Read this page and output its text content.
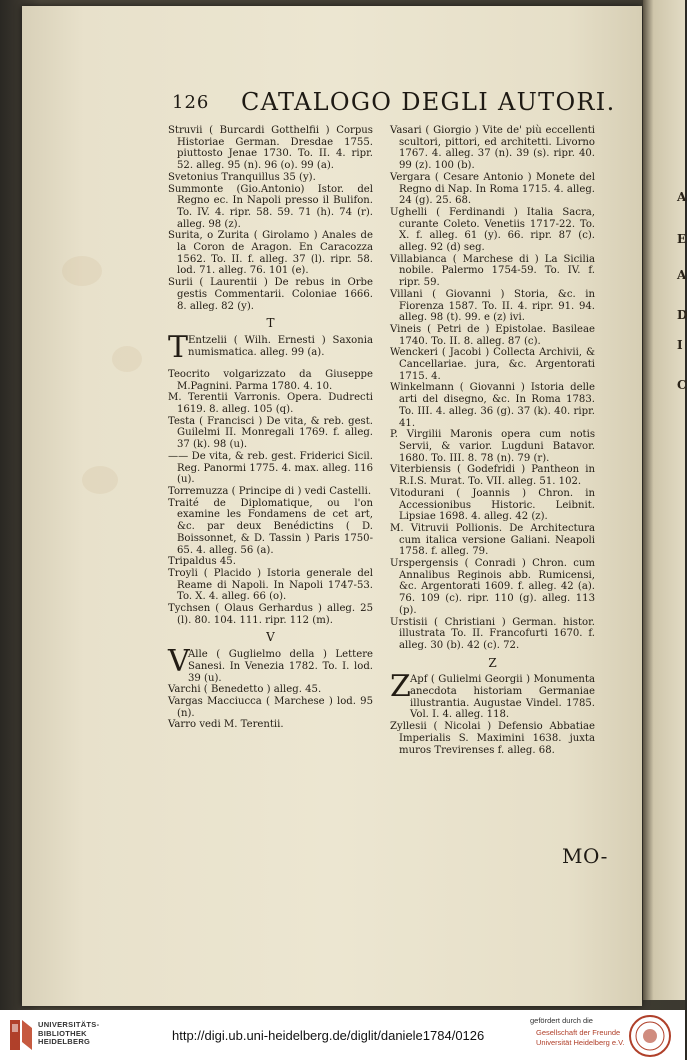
A
E
A
D
I
C
126 CATALOGO DEGLI AUTORI.

Struvii ( Burcardi Gotthelfii ) Corpus Historiae German. Dresdae 1755. piuttosto Jenae 1730. To. II. 4. ripr. 52. alleg. 95 (n). 96 (o). 99 (a).

Svetonius Tranquillus 35 (y).

Summonte (Gio.Antonio) Istor. del Regno ec. In Napoli presso il Bulifon. To. IV. 4. ripr. 58. 59. 71 (h). 74 (r). alleg. 98 (z).

Surita, o Zurita ( Girolamo ) Anales de la Coron de Aragon. En Caracozza 1562. To. II. f. alleg. 37 (l). ripr. 58. lod. 71. alleg. 76. 101 (e).

Surii ( Laurentii ) De rebus in Orbe gestis Commentarii. Coloniae 1666. 8. alleg. 82 (y).

T
T Entzelii ( Wilh. Ernesti ) Saxonia numismatica. alleg. 99 (a).

Teocrito volgarizzato da Giuseppe M.Pagnini. Parma 1780. 4. 10.

M. Terentii Varronis. Opera. Dudrecti 1619. 8. alleg. 105 (q).

Testa ( Francisci ) De vita, & reb. gest. Guilelmi II. Monregali 1769. f. alleg. 37 (k). 98 (u).

—— De vita, & reb. gest. Friderici Sicil. Reg. Panormi 1775. 4. max. alleg. 116 (u).

Torremuzza ( Principe di ) vedi Castelli.

Traité de Diplomatique, ou l'on examine les Fondamens de cet art, &c. par deux Benédictins ( D. Boissonnet, & D. Tassin ) Paris 1750-65. 4. alleg. 56 (a).

Tripaldus 45.

Troyli ( Placido ) Istoria generale del Reame di Napoli. In Napoli 1747-53. To. X. 4. alleg. 66 (o).

Tychsen ( Olaus Gerhardus ) alleg. 25 (l). 80. 104. 111. ripr. 112 (m).

V
V

Alle ( Guglielmo della ) Lettere Sanesi. In Venezia 1782. To. I. lod. 39 (u).

Varchi ( Benedetto ) alleg. 45.

Vargas Macciucca ( Marchese ) lod. 95 (n).

Varro vedi M. Terentii.

Vasari ( Giorgio ) Vite de' più eccellenti scultori, pittori, ed architetti. Livorno 1767. 4. alleg. 37 (n). 39 (s). ripr. 40. 99 (z). 100 (b).

Vergara ( Cesare Antonio ) Monete del Regno di Nap. In Roma 1715. 4. alleg. 24 (g). 25. 68.

Ughelli ( Ferdinandi ) Italia Sacra, curante Coleto. Venetiis 1717-22. To. X. f. alleg. 61 (y). 66. ripr. 87 (c). alleg. 92 (d) seg.

Villabianca ( Marchese di ) La Sicilia nobile. Palermo 1754-59. To. IV. f. ripr. 59.

Villani ( Giovanni ) Storia, &c. in Fiorenza 1587. To. II. 4. ripr. 91. 94. alleg. 98 (t). 99. e (z) ivi.

Vineis ( Petri de ) Epistolae. Basileae 1740. To. II. 8. alleg. 87 (c).

Wenckeri ( Jacobi ) Collecta Archivii, & Cancellariae. jura, &c. Argentorati 1715. 4.

Winkelmann ( Giovanni ) Istoria delle arti del disegno, &c. In Roma 1783. To. III. 4. alleg. 36 (g). 37 (k). 40. ripr. 41.

P. Virgilii Maronis opera cum notis Servii, & varior. Lugduni Batavor. 1680. To. III. 8. 78 (n). 79 (r).

Viterbiensis ( Godefridi ) Pantheon in R.I.S. Murat. To. VII. alleg. 51. 102.

Vitodurani ( Joannis ) Chron. in Accessionibus Historic. Leibnit. Lipsiae 1698. 4. alleg. 42 (z).

M. Vitruvii Pollionis. De Architectura cum italica versione Galiani. Neapoli 1758. f. alleg. 79.

Urspergensis ( Conradi ) Chron. cum Annalibus Reginois abb. Rumicensi, &c. Argentorati 1609. f. alleg. 42 (a). 76. 109 (c). ripr. 110 (g). alleg. 113 (p).

Urstisii ( Christiani ) German. histor. illustrata To. II. Francofurti 1670. f. alleg. 30 (b). 42 (c). 72.

Z
Z Apf ( Gulielmi Georgii ) Monumenta anecdota historiam Germaniae illustrantia. Augustae Vindel. 1785. Vol. I. 4. alleg. 118.

Zyllesii ( Nicolai ) Defensio Abbatiae Imperialis S. Maximini 1638. juxta muros Trevirenses f. alleg. 68.

MO-
UNIVERSITÄTS-
BIBLIOTHEK
HEIDELBERG	http://digi.ub.uni-heidelberg.de/diglit/daniele1784/0126
gefördert durch die
Gesellschaft der Freunde
Universität Heidelberg e.V.
